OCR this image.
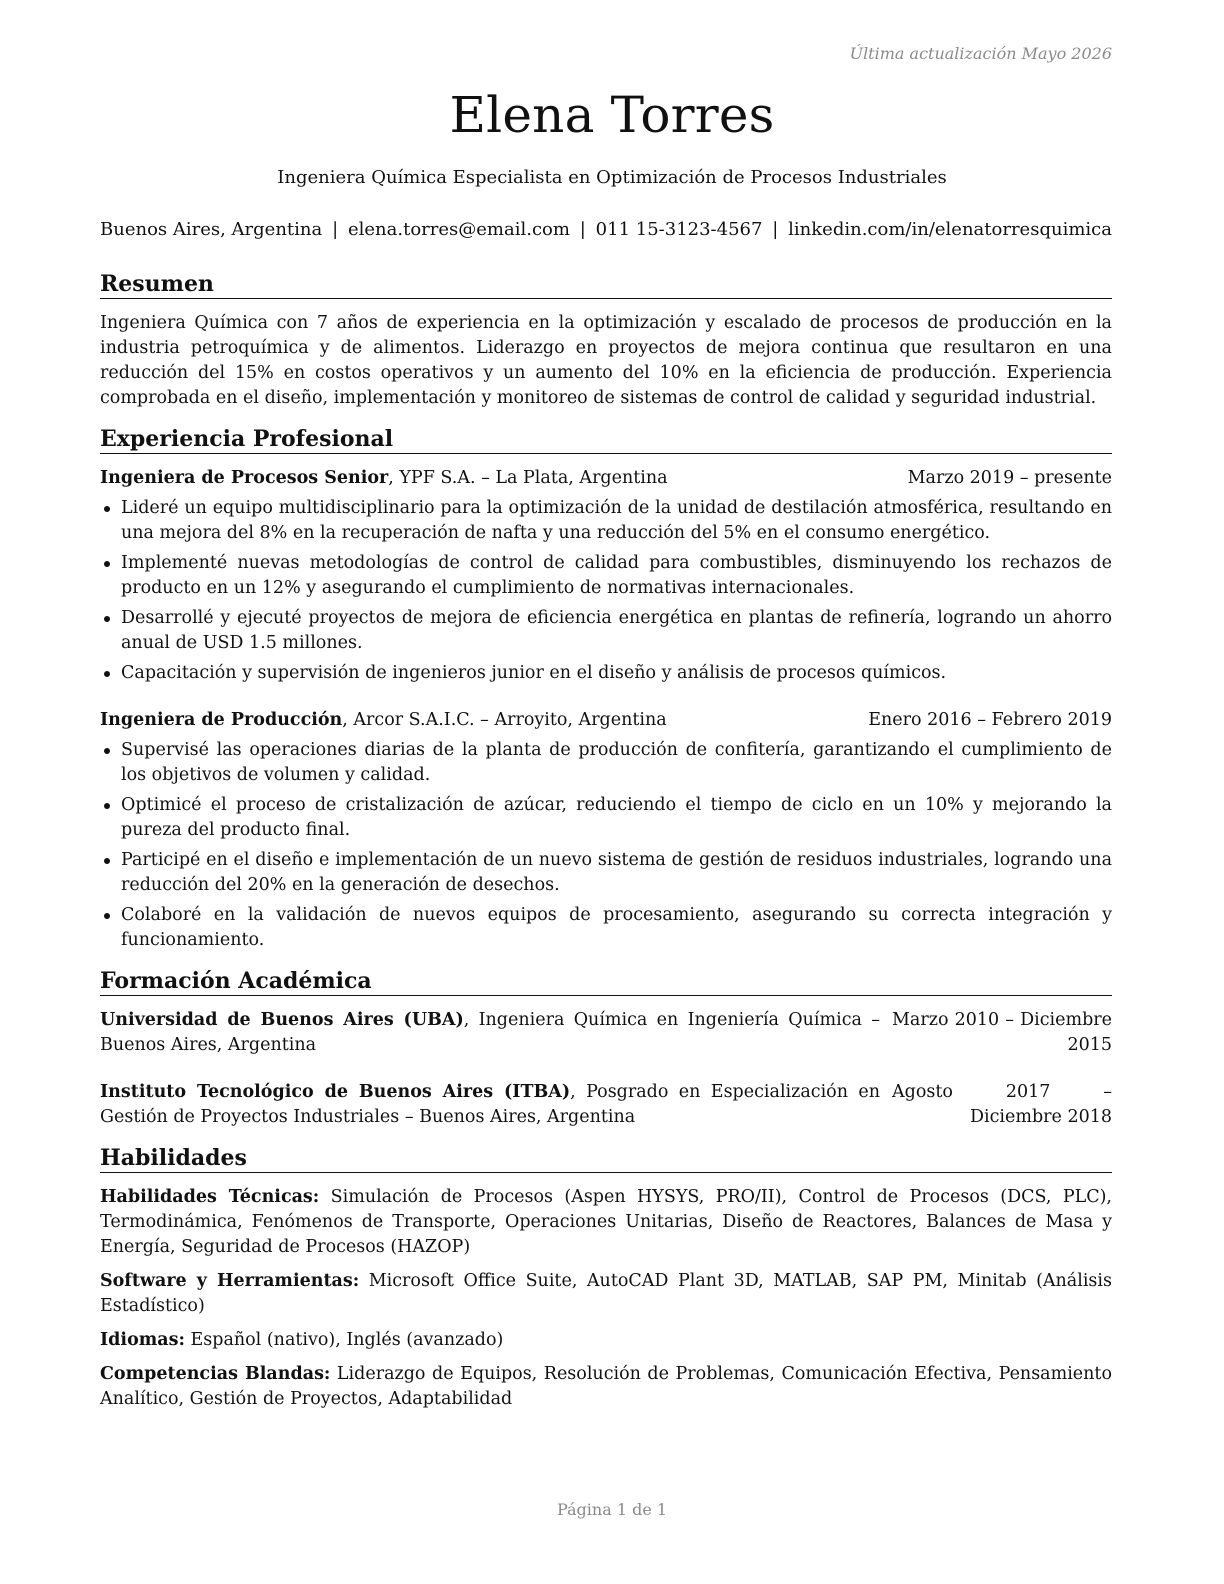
Última actualización Mayo 2026
Elena Torres
Ingeniera Química Especialista en Optimización de Procesos Industriales
Buenos Aires, Argentina | elena.torres@email.com | 011 15-3123-4567 | linkedin.com/in/elenatorresquimica
Resumen

Ingeniera Química con 7 años de experiencia en la optimización y escalado de procesos de producción en la industria petroquímica y de alimentos. Liderazgo en proyectos de mejora continua que resultaron en una reducción del 15% en costos operativos y un aumento del 10% en la eficiencia de producción. Experiencia comprobada en el diseño, implementación y monitoreo de sistemas de control de calidad y seguridad industrial.

Experiencia Profesional
Ingeniera de Procesos Senior, YPF S.A. – La Plata, Argentina	Marzo 2019 – presente
Lideré un equipo multidisciplinario para la optimización de la unidad de destilación atmosférica, resultando en una mejora del 8% en la recuperación de nafta y una reducción del 5% en el consumo energético.
Implementé nuevas metodologías de control de calidad para combustibles, disminuyendo los rechazos de producto en un 12% y asegurando el cumplimiento de normativas internacionales.
Desarrollé y ejecuté proyectos de mejora de eficiencia energética en plantas de refinería, logrando un ahorro anual de USD 1.5 millones.
Capacitación y supervisión de ingenieros junior en el diseño y análisis de procesos químicos.
Ingeniera de Producción, Arcor S.A.I.C. – Arroyito, Argentina	Enero 2016 – Febrero 2019
Supervisé las operaciones diarias de la planta de producción de confitería, garantizando el cumplimiento de los objetivos de volumen y calidad.
Optimicé el proceso de cristalización de azúcar, reduciendo el tiempo de ciclo en un 10% y mejorando la pureza del producto final.
Participé en el diseño e implementación de un nuevo sistema de gestión de residuos industriales, logrando una reducción del 20% en la generación de desechos.
Colaboré en la validación de nuevos equipos de procesamiento, asegurando su correcta integración y funcionamiento.
Formación Académica
Universidad de Buenos Aires (UBA), Ingeniera Química en Ingeniería Química – Buenos Aires, Argentina
Marzo 2010 – Diciembre 2015
Instituto Tecnológico de Buenos Aires (ITBA), Posgrado en Especialización en Gestión de Proyectos Industriales – Buenos Aires, Argentina
Agosto 2017 – Diciembre 2018
Habilidades
Habilidades Técnicas: Simulación de Procesos (Aspen HYSYS, PRO/II), Control de Procesos (DCS, PLC), Termodinámica, Fenómenos de Transporte, Operaciones Unitarias, Diseño de Reactores, Balances de Masa y Energía, Seguridad de Procesos (HAZOP)
Software y Herramientas: Microsoft Office Suite, AutoCAD Plant 3D, MATLAB, SAP PM, Minitab (Análisis Estadístico)
Idiomas: Español (nativo), Inglés (avanzado)
Competencias Blandas: Liderazgo de Equipos, Resolución de Problemas, Comunicación Efectiva, Pensamiento Analítico, Gestión de Proyectos, Adaptabilidad
Página 1 de 1
